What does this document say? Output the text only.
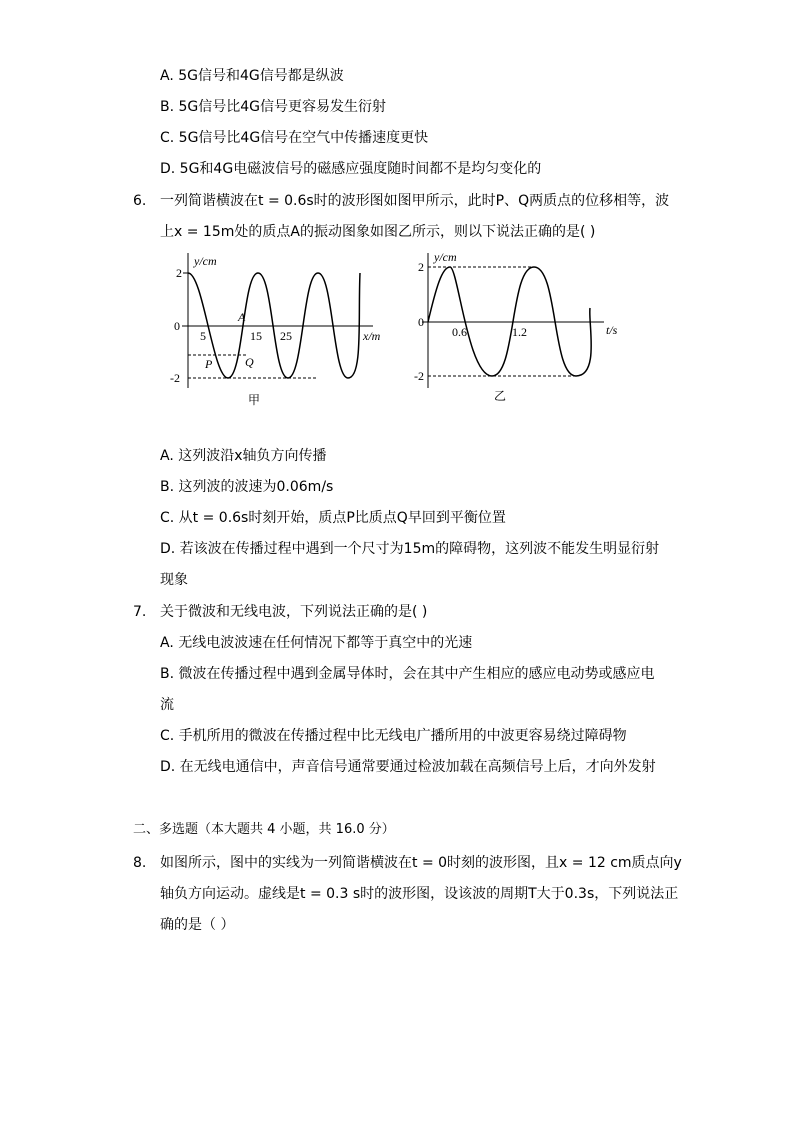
A. 5G信号和4G信号都是纵波
B. 5G信号比4G信号更容易发生衍射
C. 5G信号比4G信号在空气中传播速度更快
D. 5G和4G电磁波信号的磁感应强度随时间都不是均匀变化的
6. 一列简谐横波在t = 0.6s时的波形图如图甲所示，此时P、Q两质点的位移相等，波
上x = 15m处的质点A的振动图象如图乙所示，则以下说法正确的是( )
y/cm
2
0
-2
5	15 25	x/m
A
P	Q
甲
y/cm
2
0
-2
0.6	1.2	t/s
乙
A. 这列波沿x轴负方向传播
B. 这列波的波速为0.06m/s
C. 从t = 0.6s时刻开始，质点P比质点Q早回到平衡位置
D. 若该波在传播过程中遇到一个尺寸为15m的障碍物，这列波不能发生明显衍射
现象
7. 关于微波和无线电波，下列说法正确的是( )
A. 无线电波波速在任何情况下都等于真空中的光速
B. 微波在传播过程中遇到金属导体时，会在其中产生相应的感应电动势或感应电
流
C. 手机所用的微波在传播过程中比无线电广播所用的中波更容易绕过障碍物
D. 在无线电通信中，声音信号通常要通过检波加载在高频信号上后，才向外发射
二、多选题（本大题共 4 小题，共 16.0 分）
8. 如图所示，图中的实线为一列简谐横波在t = 0时刻的波形图，且x = 12 cm质点向y
轴负方向运动。虚线是t = 0.3 s时的波形图，设该波的周期T大于0.3s，下列说法正
确的是（ ）
